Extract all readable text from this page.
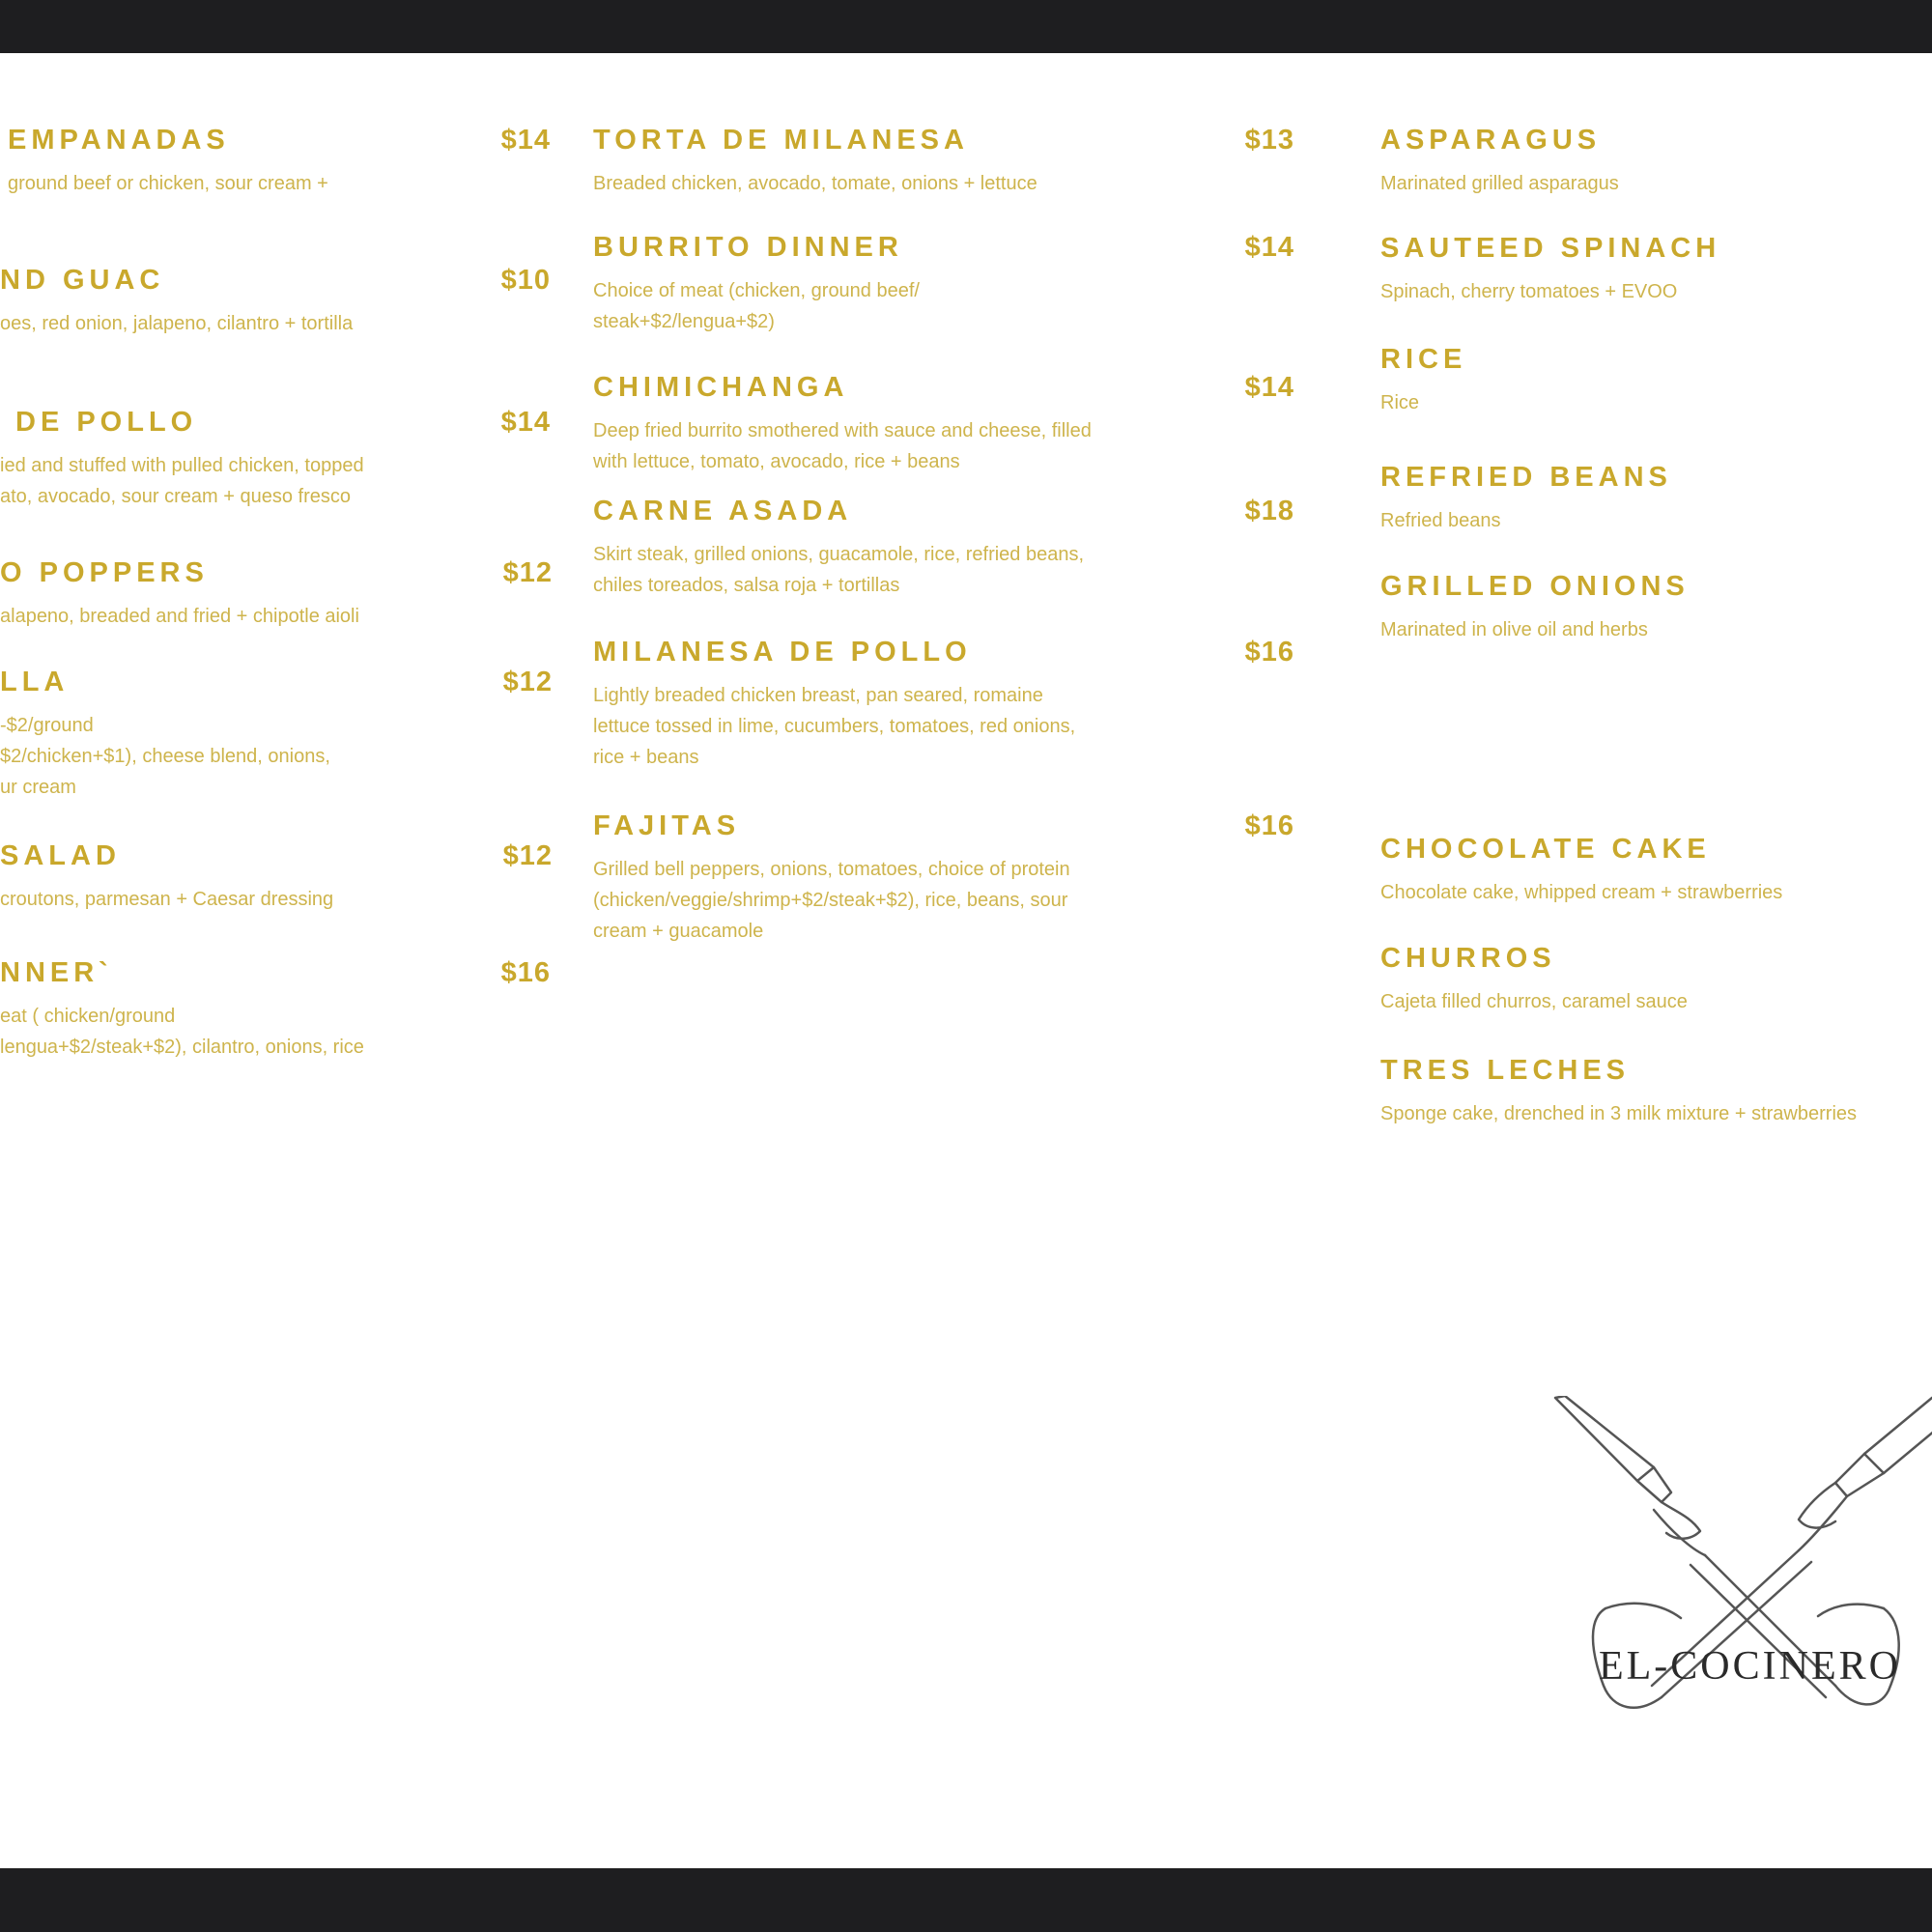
EMPANADAS
ground beef or chicken, sour cream +
$14
ND GUAC
oes, red onion, jalapeno, cilantro + tortilla
$10
DE POLLO
ied and stuffed with pulled chicken, topped
ato, avocado, sour cream + queso fresco
$14
O POPPERS
alapeno, breaded and fried + chipotle aioli
$12
LLA
-$2/ground
$2/chicken+$1), cheese blend, onions,
ur cream
$12
SALAD
croutons, parmesan + Caesar dressing
$12
NNER`
eat ( chicken/ground
lengua+$2/steak+$2), cilantro, onions, rice
$16
TORTA DE MILANESA
Breaded chicken, avocado, tomate, onions + lettuce
$13
BURRITO DINNER
Choice of meat (chicken, ground beef/
steak+$2/lengua+$2)
$14
CHIMICHANGA
Deep fried burrito smothered with sauce and cheese, filled
with lettuce, tomato, avocado, rice + beans
$14
CARNE ASADA
Skirt steak, grilled onions, guacamole, rice, refried beans,
chiles toreados, salsa roja + tortillas
$18
MILANESA DE POLLO
Lightly breaded chicken breast, pan seared, romaine
lettuce tossed in lime, cucumbers, tomatoes, red onions,
rice + beans
$16
FAJITAS
Grilled bell peppers, onions, tomatoes, choice of protein
(chicken/veggie/shrimp+$2/steak+$2), rice, beans, sour
cream + guacamole
$16
ASPARAGUS
Marinated grilled asparagus
SAUTEED SPINACH
Spinach, cherry tomatoes + EVOO
RICE
Rice
REFRIED BEANS
Refried beans
GRILLED ONIONS
Marinated in olive oil and herbs
CHOCOLATE CAKE
Chocolate cake, whipped cream + strawberries
CHURROS
Cajeta filled churros, caramel sauce
TRES LECHES
Sponge cake, drenched in 3 milk mixture + strawberries
EL-COCINERO
